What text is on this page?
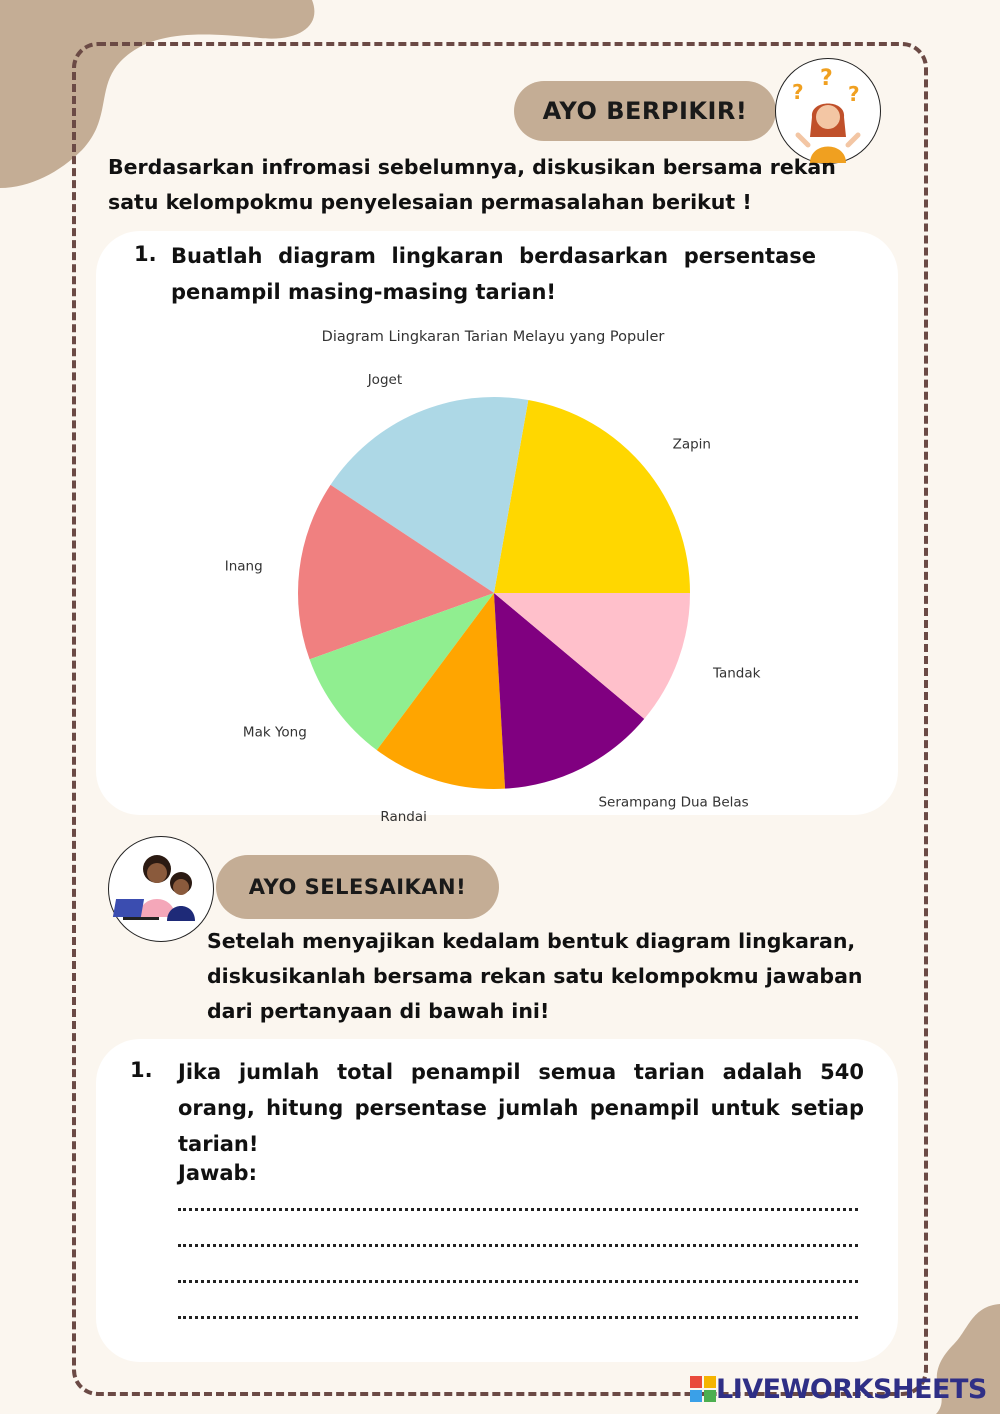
AYO BERPIKIR!
?
?
?
Berdasarkan infromasi sebelumnya, diskusikan bersama rekan satu kelompokmu penyelesaian permasalahan berikut !
1. Buatlah diagram lingkaran berdasarkan persentase penampil masing-masing tarian!
Diagram Lingkaran Tarian Melayu yang Populer
Zapin
Joget
Inang
Mak Yong
Randai
Serampang Dua Belas
Tandak
AYO SELESAIKAN!
Setelah menyajikan kedalam bentuk diagram lingkaran, diskusikanlah bersama rekan satu kelompokmu jawaban dari pertanyaan di bawah ini!
1. Jika jumlah total penampil semua tarian adalah 540 orang, hitung persentase jumlah penampil untuk setiap tarian!
Jawab:
LIVEWORKSHEETS
